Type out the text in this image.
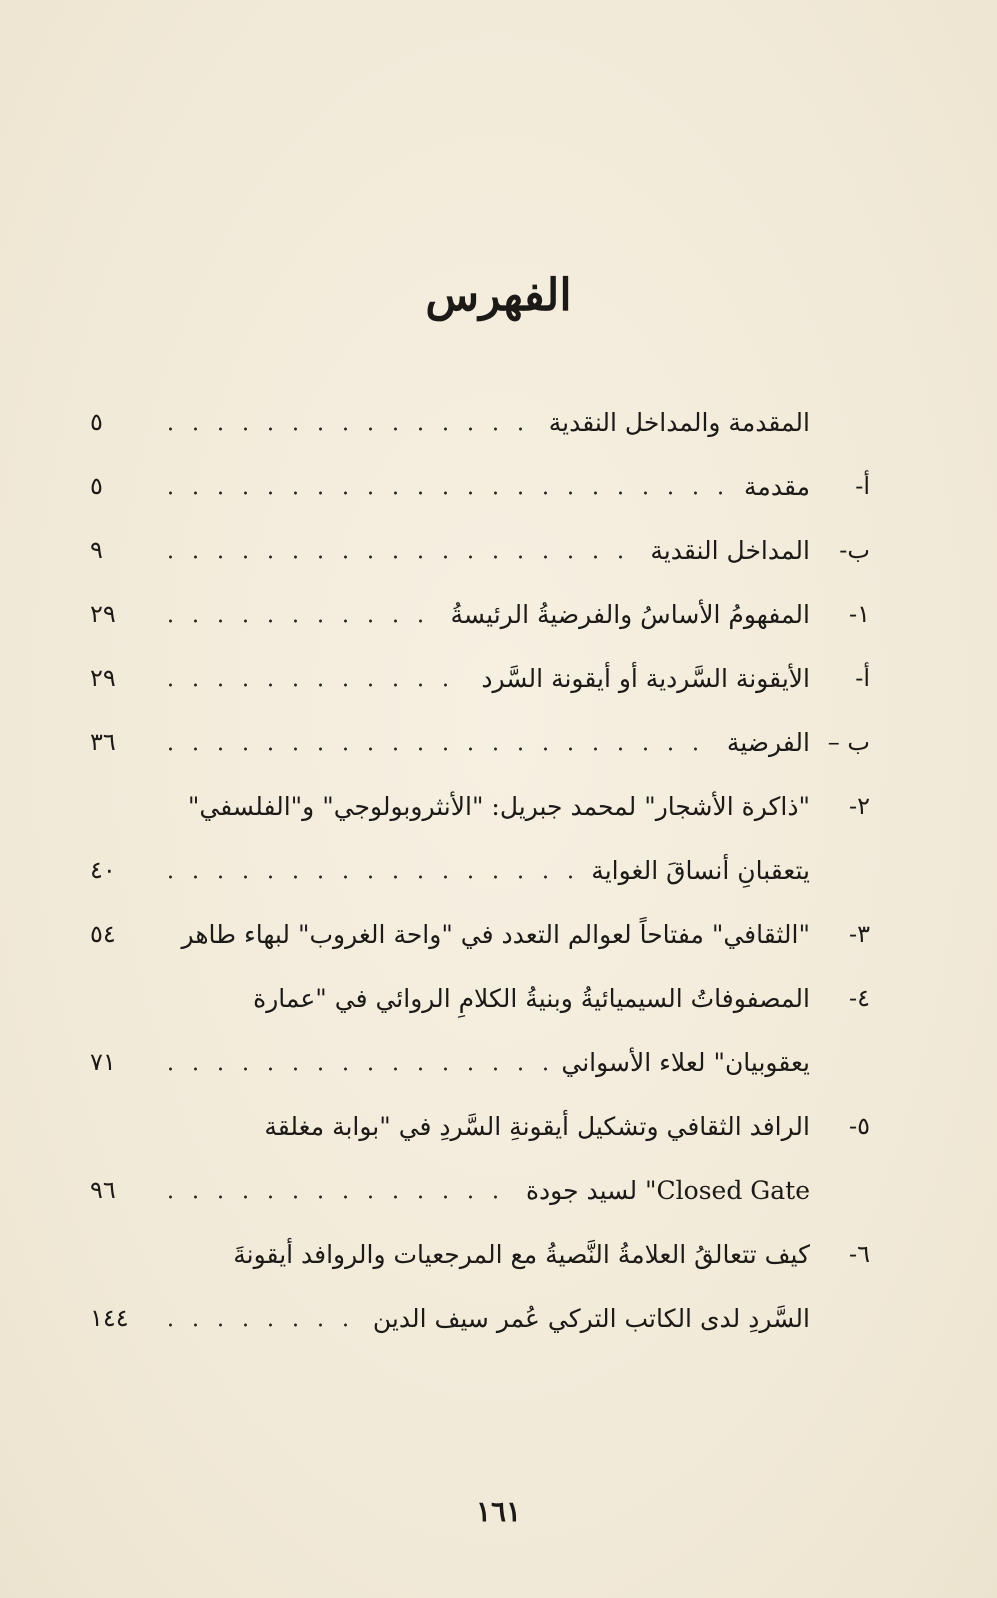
الفهرس
المقدمة والمداخل النقدية
٥
أ-
مقدمة
٥
ب-
المداخل النقدية
٩
١-
المفهومُ الأساسُ والفرضيةُ الرئيسةُ
٢٩
أ-
الأيقونة السَّردية أو أيقونة السَّرد
٢٩
ب –
الفرضية
٣٦
٢-
"ذاكرة الأشجار" لمحمد جبريل: "الأنثروبولوجي" و"الفلسفي"
يتعقبانِ أنساقَ الغواية
٤٠
٣-
"الثقافي" مفتاحاً لعوالم التعدد في "واحة الغروب" لبهاء طاهر
٥٤
٤-
المصفوفاتُ السيميائيةُ وبنيةُ الكلامِ الروائي في "عمارة
يعقوبيان" لعلاء الأسواني
٧١
٥-
الرافد الثقافي وتشكيل أيقونةِ السَّردِ في "بوابة مغلقة
Closed Gate" لسيد جودة
٩٦
٦-
كيف تتعالقُ العلامةُ النَّصيةُ مع المرجعيات والروافد أيقونةَ
السَّردِ لدى الكاتب التركي عُمر سيف الدين
١٤٤
١٦١
